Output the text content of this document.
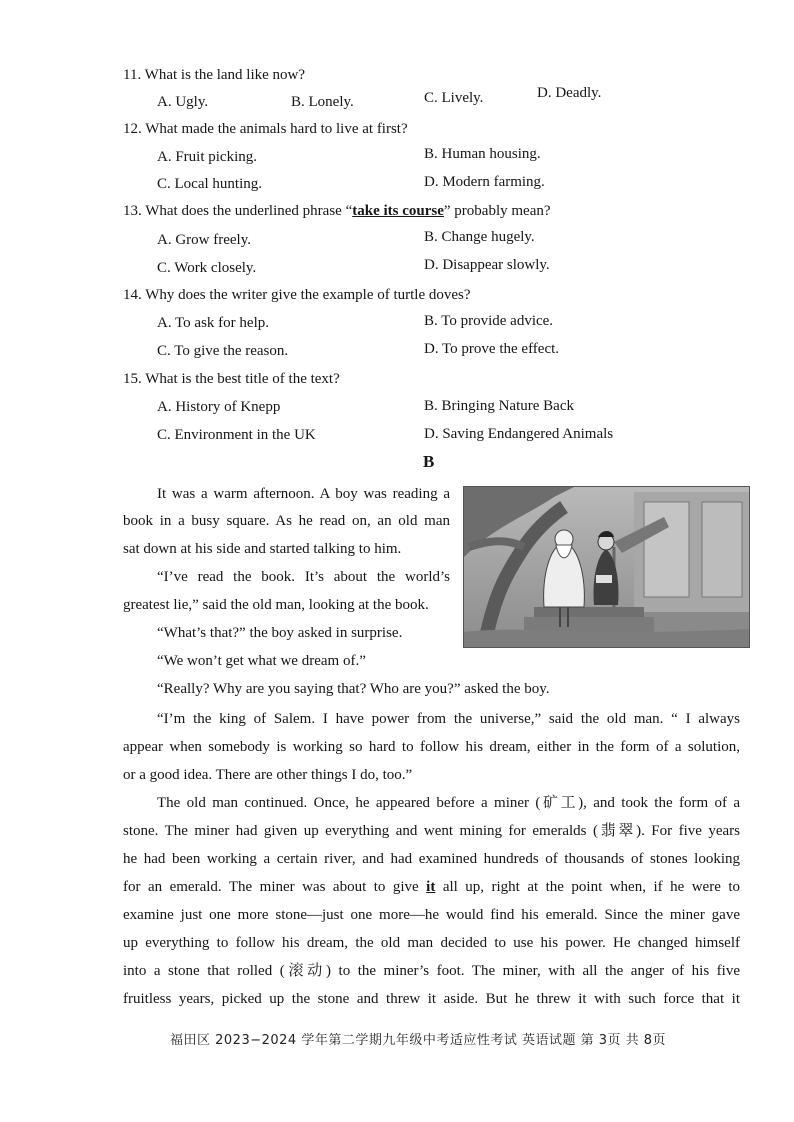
11. What is the land like now?
A. Ugly.	B. Lonely.	C. Lively.	D. Deadly.
12. What made the animals hard to live at first?
A. Fruit picking.	B. Human housing.
C. Local hunting.	D. Modern farming.
13. What does the underlined phrase “take its course” probably mean?
A. Grow freely.	B. Change hugely.
C. Work closely.	D. Disappear slowly.
14. Why does the writer give the example of turtle doves?
A. To ask for help.	B. To provide advice.
C. To give the reason.	D. To prove the effect.
15. What is the best title of the text?
A. History of Knepp	B. Bringing Nature Back
C. Environment in the UK	D. Saving Endangered Animals
B
It was a warm afternoon. A boy was reading a
book in a busy square. As he read on, an old man
sat down at his side and started talking to him.
“I’ve read the book. It’s about the world’s
greatest lie,” said the old man, looking at the book.
“What’s that?” the boy asked in surprise.
“We won’t get what we dream of.”
“Really? Why are you saying that? Who are you?” asked the boy.
“I’m the king of Salem. I have power from the universe,” said the old man. “ I always
appear when somebody is working so hard to follow his dream, either in the form of a solution,
or a good idea. There are other things I do, too.”
The old man continued. Once, he appeared before a miner (矿工), and took the form of a
stone. The miner had given up everything and went mining for emeralds (翡翠). For five years
he had been working a certain river, and had examined hundreds of thousands of stones looking
for an emerald. The miner was about to give it all up, right at the point when, if he were to
examine just one more stone—just one more—he would find his emerald. Since the miner gave
up everything to follow his dream, the old man decided to use his power. He changed himself
into a stone that rolled (滚动) to the miner’s foot. The miner, with all the anger of his five
fruitless years, picked up the stone and threw it aside. But he threw it with such force that it
福田区 2023−2024 学年第二学期九年级中考适应性考试 英语试题 第 3页 共 8页
